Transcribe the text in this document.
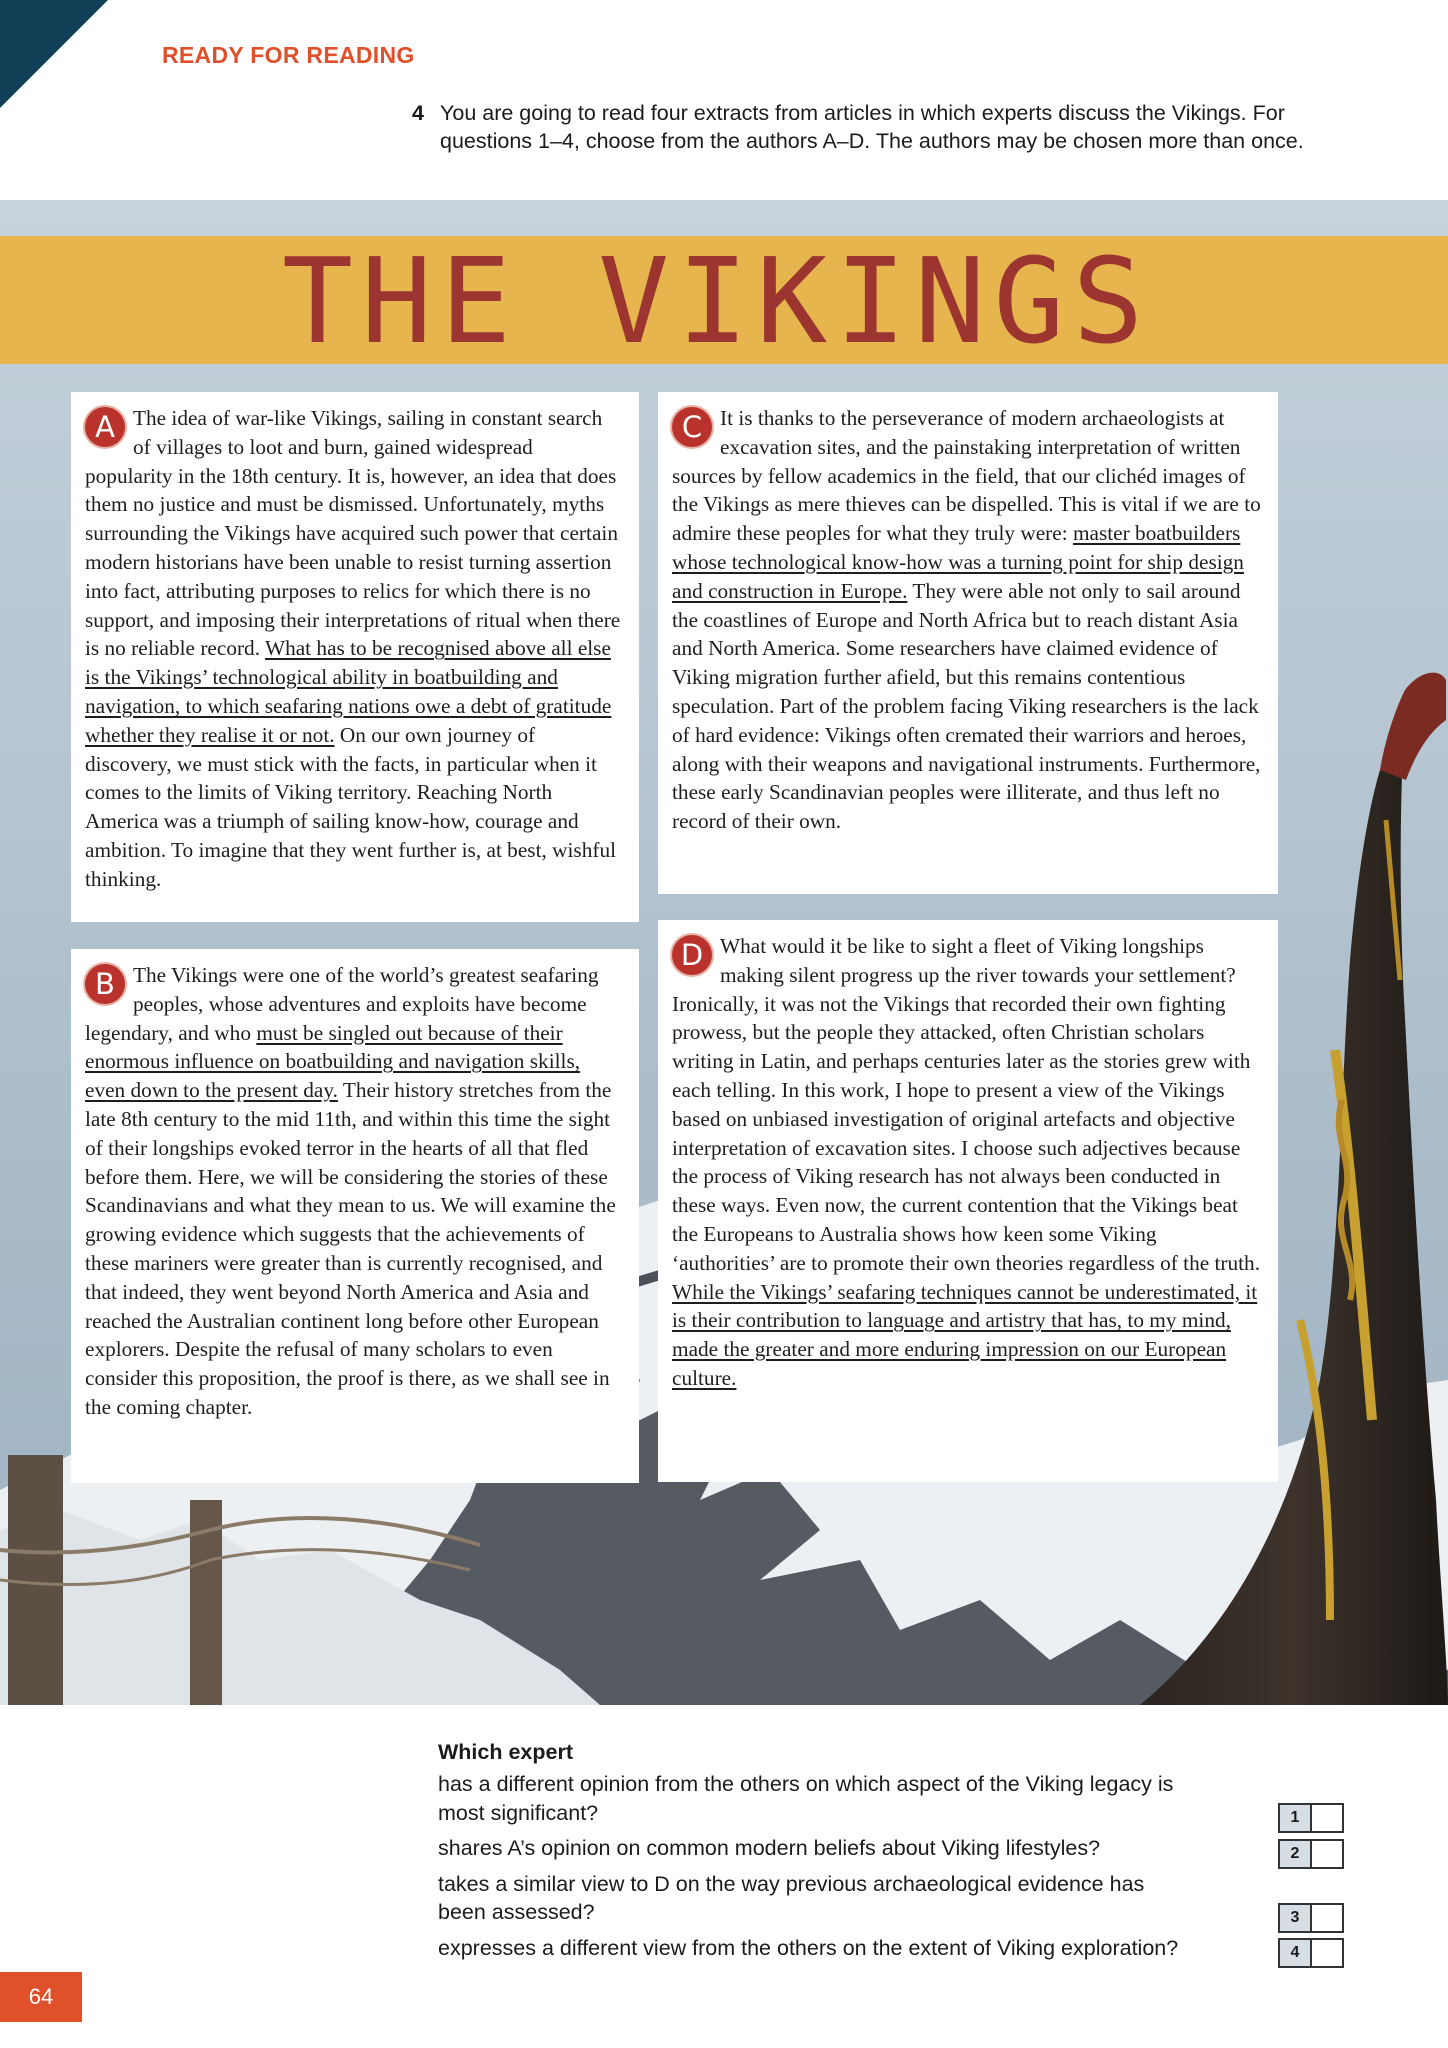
READY FOR READING
4 You are going to read four extracts from articles in which experts discuss the Vikings. For questions 1–4, choose from the authors A–D. The authors may be chosen more than once.
THE VIKINGS
A The idea of war-like Vikings, sailing in constant search of villages to loot and burn, gained widespread popularity in the 18th century. It is, however, an idea that does them no justice and must be dismissed. Unfortunately, myths surrounding the Vikings have acquired such power that certain modern historians have been unable to resist turning assertion into fact, attributing purposes to relics for which there is no support, and imposing their interpretations of ritual when there is no reliable record. What has to be recognised above all else is the Vikings’ technological ability in boatbuilding and navigation, to which seafaring nations owe a debt of gratitude whether they realise it or not. On our own journey of discovery, we must stick with the facts, in particular when it comes to the limits of Viking territory. Reaching North America was a triumph of sailing know-how, courage and ambition. To imagine that they went further is, at best, wishful thinking.

C It is thanks to the perseverance of modern archaeologists at excavation sites, and the painstaking interpretation of written sources by fellow academics in the field, that our clichéd images of the Vikings as mere thieves can be dispelled. This is vital if we are to admire these peoples for what they truly were: master boatbuilders whose technological know-how was a turning point for ship design and construction in Europe. They were able not only to sail around the coastlines of Europe and North Africa but to reach distant Asia and North America. Some researchers have claimed evidence of Viking migration further afield, but this remains contentious speculation. Part of the problem facing Viking researchers is the lack of hard evidence: Vikings often cremated their warriors and heroes, along with their weapons and navigational instruments. Furthermore, these early Scandinavian peoples were illiterate, and thus left no record of their own.

B The Vikings were one of the world’s greatest seafaring peoples, whose adventures and exploits have become legendary, and who must be singled out because of their enormous influence on boatbuilding and navigation skills, even down to the present day. Their history stretches from the late 8th century to the mid 11th, and within this time the sight of their longships evoked terror in the hearts of all that fled before them. Here, we will be considering the stories of these Scandinavians and what they mean to us. We will examine the growing evidence which suggests that the achievements of these mariners were greater than is currently recognised, and that indeed, they went beyond North America and Asia and reached the Australian continent long before other European explorers. Despite the refusal of many scholars to even consider this proposition, the proof is there, as we shall see in the coming chapter.

D What would it be like to sight a fleet of Viking longships making silent progress up the river towards your settlement? Ironically, it was not the Vikings that recorded their own fighting prowess, but the people they attacked, often Christian scholars writing in Latin, and perhaps centuries later as the stories grew with each telling. In this work, I hope to present a view of the Vikings based on unbiased investigation of original artefacts and objective interpretation of excavation sites. I choose such adjectives because the process of Viking research has not always been conducted in these ways. Even now, the current contention that the Vikings beat the Europeans to Australia shows how keen some Viking ‘authorities’ are to promote their own theories regardless of the truth. While the Vikings’ seafaring techniques cannot be underestimated, it is their contribution to language and artistry that has, to my mind, made the greater and more enduring impression on our European culture.

Which expert
has a different opinion from the others on which aspect of the Viking legacy is most significant?	1
shares A’s opinion on common modern beliefs about Viking lifestyles?	2
takes a similar view to D on the way previous archaeological evidence has been assessed?	3
expresses a different view from the others on the extent of Viking exploration?	4
64
